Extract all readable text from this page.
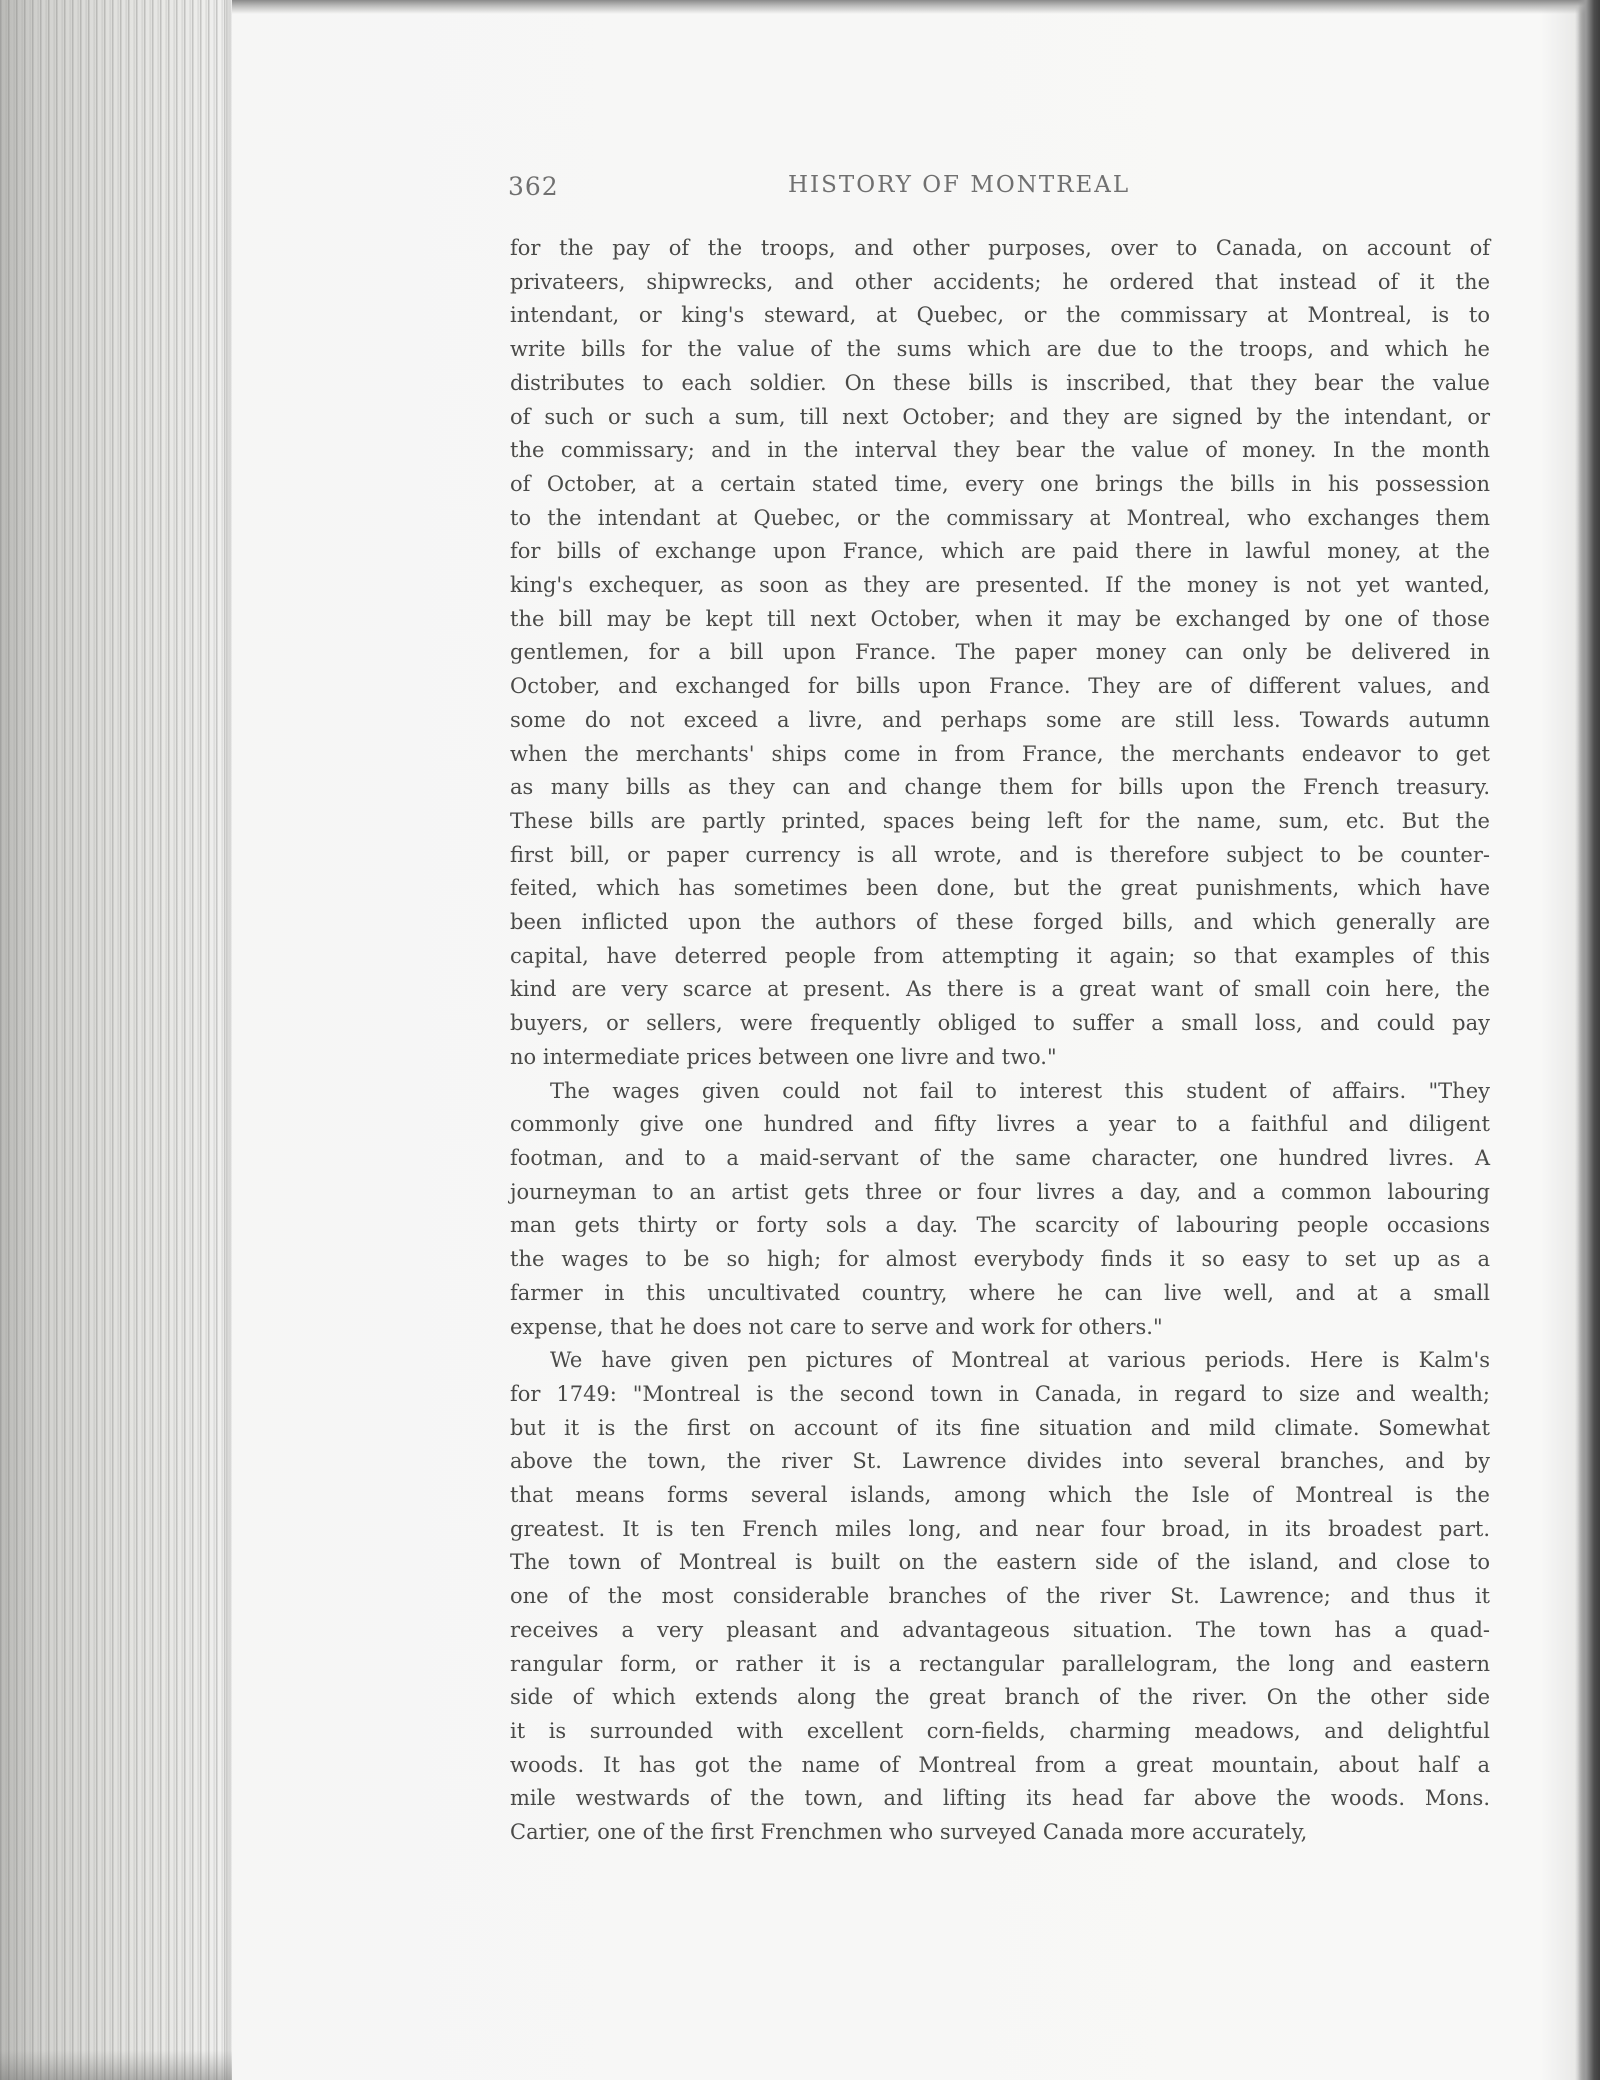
362	HISTORY OF MONTREAL

for the pay of the troops, and other purposes, over to Canada, on account of

privateers, shipwrecks, and other accidents; he ordered that instead of it the

intendant, or king's steward, at Quebec, or the commissary at Montreal, is to

write bills for the value of the sums which are due to the troops, and which he

distributes to each soldier. On these bills is inscribed, that they bear the value

of such or such a sum, till next October; and they are signed by the intendant, or

the commissary; and in the interval they bear the value of money. In the month

of October, at a certain stated time, every one brings the bills in his possession

to the intendant at Quebec, or the commissary at Montreal, who exchanges them

for bills of exchange upon France, which are paid there in lawful money, at the

king's exchequer, as soon as they are presented. If the money is not yet wanted,

the bill may be kept till next October, when it may be exchanged by one of those

gentlemen, for a bill upon France. The paper money can only be delivered in

October, and exchanged for bills upon France. They are of different values, and

some do not exceed a livre, and perhaps some are still less. Towards autumn

when the merchants' ships come in from France, the merchants endeavor to get

as many bills as they can and change them for bills upon the French treasury.

These bills are partly printed, spaces being left for the name, sum, etc. But the

first bill, or paper currency is all wrote, and is therefore subject to be counter-

feited, which has sometimes been done, but the great punishments, which have

been inflicted upon the authors of these forged bills, and which generally are

capital, have deterred people from attempting it again; so that examples of this

kind are very scarce at present. As there is a great want of small coin here, the

buyers, or sellers, were frequently obliged to suffer a small loss, and could pay

no intermediate prices between one livre and two."

The wages given could not fail to interest this student of affairs. "They

commonly give one hundred and fifty livres a year to a faithful and diligent

footman, and to a maid-servant of the same character, one hundred livres. A

journeyman to an artist gets three or four livres a day, and a common labouring

man gets thirty or forty sols a day. The scarcity of labouring people occasions

the wages to be so high; for almost everybody finds it so easy to set up as a

farmer in this uncultivated country, where he can live well, and at a small

expense, that he does not care to serve and work for others."

We have given pen pictures of Montreal at various periods. Here is Kalm's

for 1749: "Montreal is the second town in Canada, in regard to size and wealth;

but it is the first on account of its fine situation and mild climate. Somewhat

above the town, the river St. Lawrence divides into several branches, and by

that means forms several islands, among which the Isle of Montreal is the

greatest. It is ten French miles long, and near four broad, in its broadest part.

The town of Montreal is built on the eastern side of the island, and close to

one of the most considerable branches of the river St. Lawrence; and thus it

receives a very pleasant and advantageous situation. The town has a quad-

rangular form, or rather it is a rectangular parallelogram, the long and eastern

side of which extends along the great branch of the river. On the other side

it is surrounded with excellent corn-fields, charming meadows, and delightful

woods. It has got the name of Montreal from a great mountain, about half a

mile westwards of the town, and lifting its head far above the woods. Mons.

Cartier, one of the first Frenchmen who surveyed Canada more accurately,
